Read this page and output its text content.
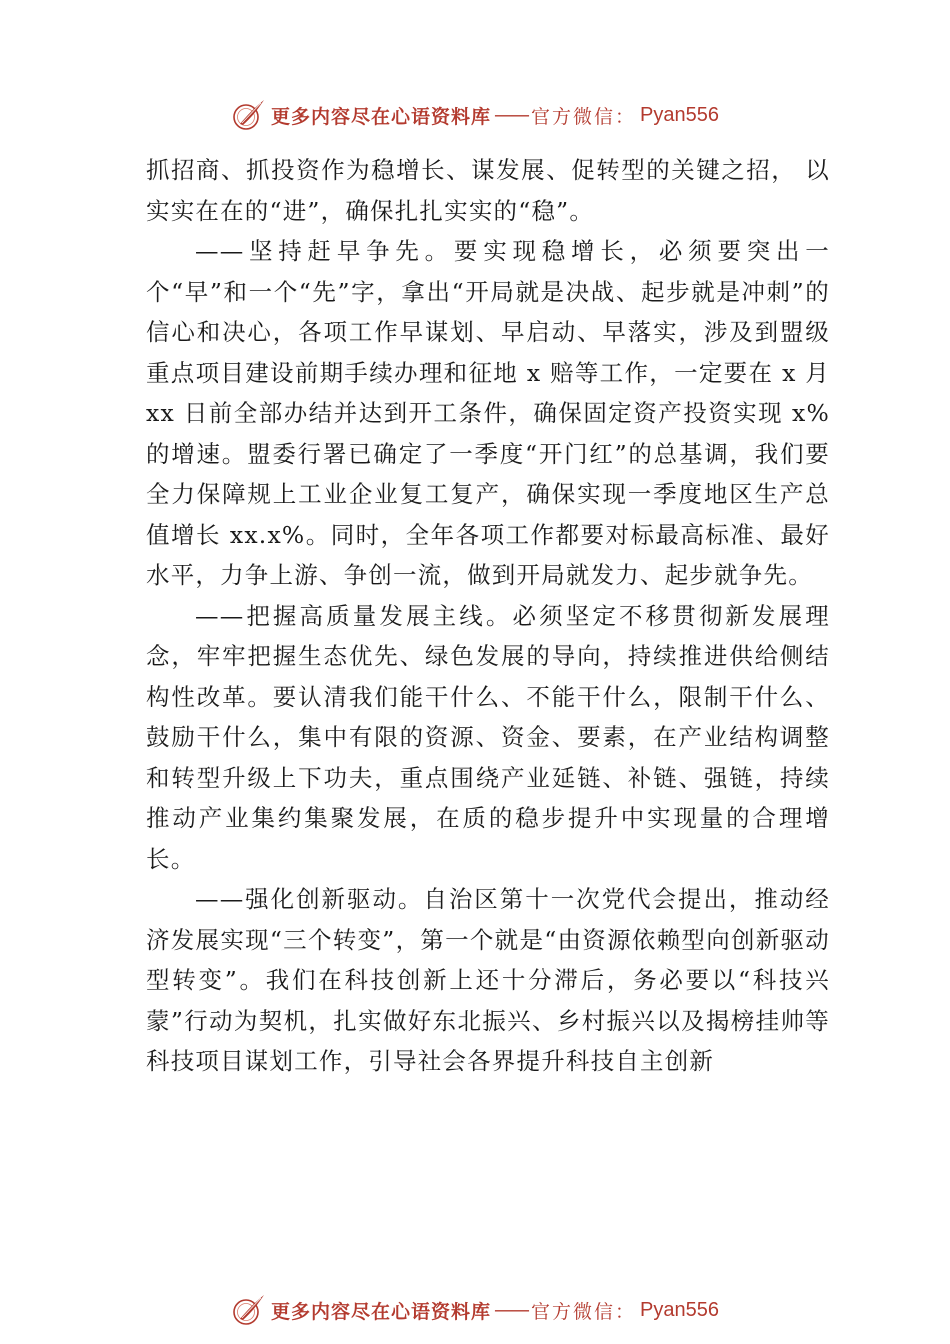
更多内容尽在心语资料库 —— 官方微信： Pyan556

抓招商、抓投资作为稳增长、谋发展、促转型的关键之招， 以实实在在的“进”，确保扎扎实实的“稳”。

——坚持赶早争先。要实现稳增长，必须要突出一个“早”和一个“先”字，拿出“开局就是决战、起步就是冲刺”的信心和决心，各项工作早谋划、早启动、早落实，涉及到盟级重点项目建设前期手续办理和征地 x 赔等工作，一定要在 x 月 xx 日前全部办结并达到开工条件，确保固定资产投资实现 x% 的增速。盟委行署已确定了一季度“开门红”的总基调，我们要全力保障规上工业企业复工复产，确保实现一季度地区生产总值增长 xx.x%。同时，全年各项工作都要对标最高标准、最好水平，力争上游、争创一流，做到开局就发力、起步就争先。

——把握高质量发展主线。必须坚定不移贯彻新发展理念，牢牢把握生态优先、绿色发展的导向，持续推进供给侧结构性改革。要认清我们能干什么、不能干什么，限制干什么、鼓励干什么，集中有限的资源、资金、要素，在产业结构调整和转型升级上下功夫，重点围绕产业延链、补链、强链，持续推动产业集约集聚发展，在质的稳步提升中实现量的合理增长。

——强化创新驱动。自治区第十一次党代会提出，推动经济发展实现“三个转变”，第一个就是“由资源依赖型向创新驱动型转变”。我们在科技创新上还十分滞后，务必要以“科技兴蒙”行动为契机，扎实做好东北振兴、乡村振兴以及揭榜挂帅等科技项目谋划工作，引导社会各界提升科技自主创新

更多内容尽在心语资料库 —— 官方微信： Pyan556
